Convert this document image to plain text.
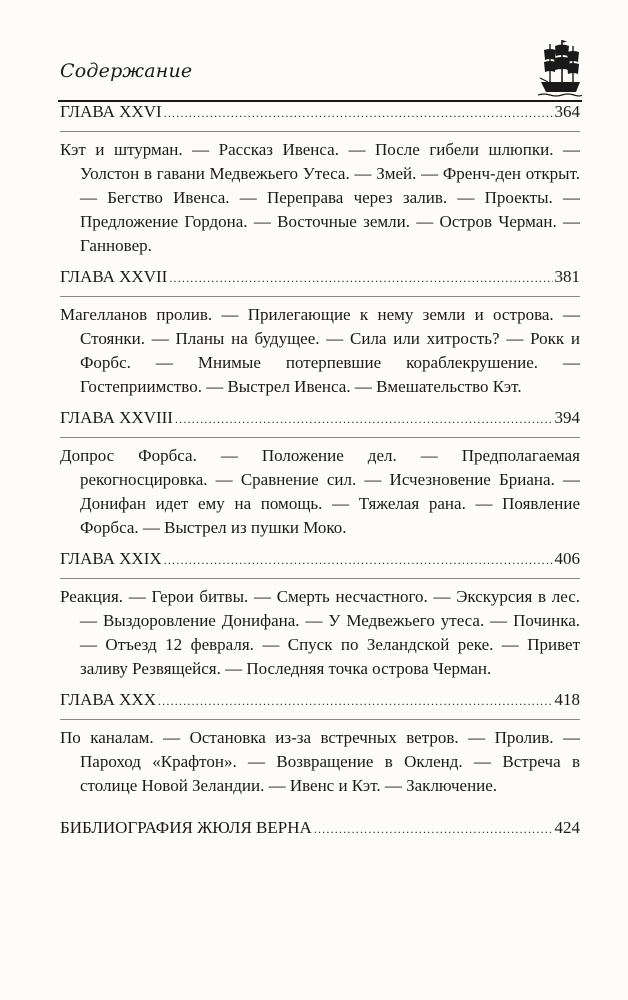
Содержание
ГЛАВА XXVI .....	364

Кэт и штурман. — Рассказ Ивенса. — После гибели шлюпки. — Уолстон в гавани Медвежьего Утеса. — Змей. — Френч-ден открыт. — Бегство Ивенса. — Переправа через залив. — Проекты. — Предложение Гордона. — Восточные земли. — Остров Черман. — Ганновер.

ГЛАВА XXVII .....	381

Магелланов пролив. — Прилегающие к нему земли и острова. — Стоянки. — Планы на будущее. — Сила или хитрость? — Рокк и Форбс. — Мнимые потерпевшие кораблекрушение. — Гостеприимство. — Выстрел Ивенса. — Вмешательство Кэт.

ГЛАВА XXVIII .....	394

Допрос Форбса. — Положение дел. — Предполагаемая рекогносцировка. — Сравнение сил. — Исчезновение Бриана. — Донифан идет ему на помощь. — Тяжелая рана. — Появление Форбса. — Выстрел из пушки Моко.

ГЛАВА XXIX .....	406

Реакция. — Герои битвы. — Смерть несчастного. — Экскурсия в лес. — Выздоровление Донифана. — У Медвежьего утеса. — Починка. — Отъезд 12 февраля. — Спуск по Зеландской реке. — Привет заливу Резвящейся. — Последняя точка острова Черман.

ГЛАВА XXX .....	418

По каналам. — Остановка из-за встречных ветров. — Пролив. — Пароход «Крафтон». — Возвращение в Окленд. — Встреча в столице Новой Зеландии. — Ивенс и Кэт. — Заключение.

БИБЛИОГРАФИЯ ЖЮЛЯ ВЕРНА .....	424
